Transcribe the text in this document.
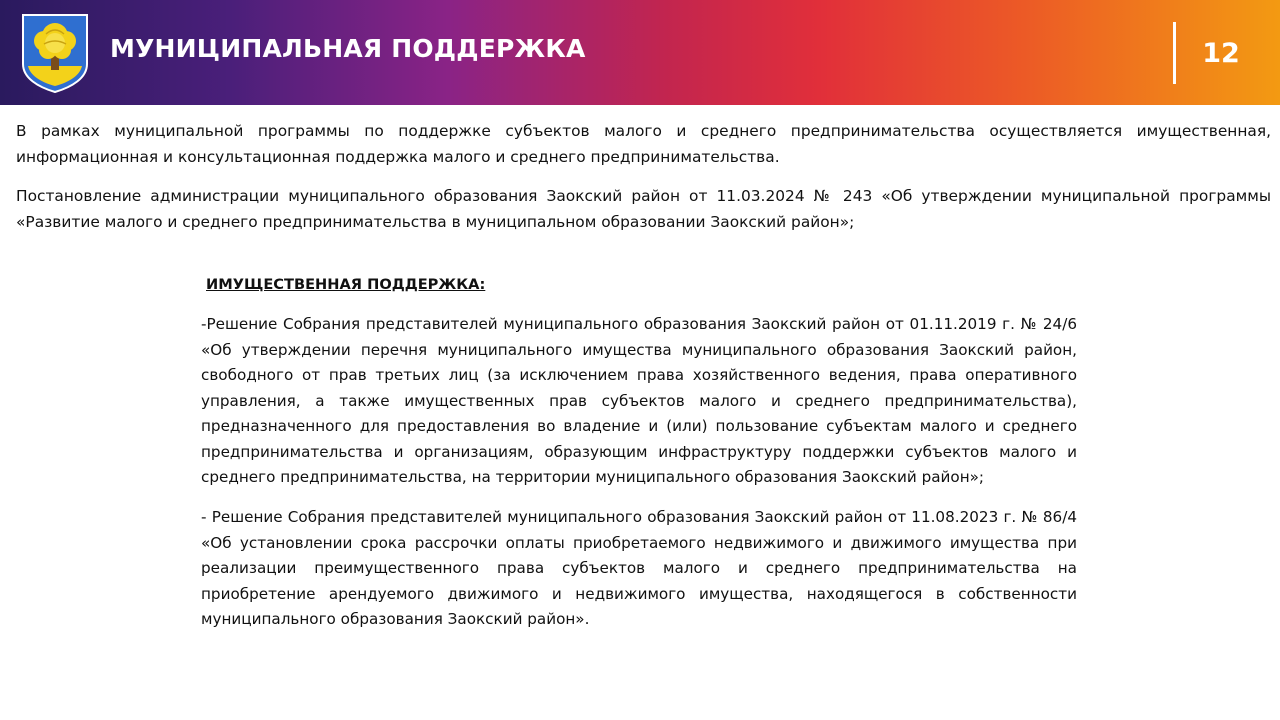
МУНИЦИПАЛЬНАЯ ПОДДЕРЖКА	12

В рамках муниципальной программы по поддержке субъектов малого и среднего предпринимательства осуществляется имущественная, информационная и консультационная поддержка малого и среднего предпринимательства.

Постановление администрации муниципального образования Заокский район от 11.03.2024 № 243 «Об утверждении муниципальной программы «Развитие малого и среднего предпринимательства в муниципальном образовании Заокский район»;

ИМУЩЕСТВЕННАЯ ПОДДЕРЖКА:

-Решение Собрания представителей муниципального образования Заокский район от 01.11.2019 г. № 24/6 «Об утверждении перечня муниципального имущества муниципального образования Заокский район, свободного от прав третьих лиц (за исключением права хозяйственного ведения, права оперативного управления, а также имущественных прав субъектов малого и среднего предпринимательства), предназначенного для предоставления во владение и (или) пользование субъектам малого и среднего предпринимательства и организациям, образующим инфраструктуру поддержки субъектов малого и среднего предпринимательства, на территории муниципального образования Заокский район»;

- Решение Собрания представителей муниципального образования Заокский район от 11.08.2023 г. № 86/4 «Об установлении срока рассрочки оплаты приобретаемого недвижимого и движимого имущества при реализации преимущественного права субъектов малого и среднего предпринимательства на приобретение арендуемого движимого и недвижимого имущества, находящегося в собственности муниципального образования Заокский район».
